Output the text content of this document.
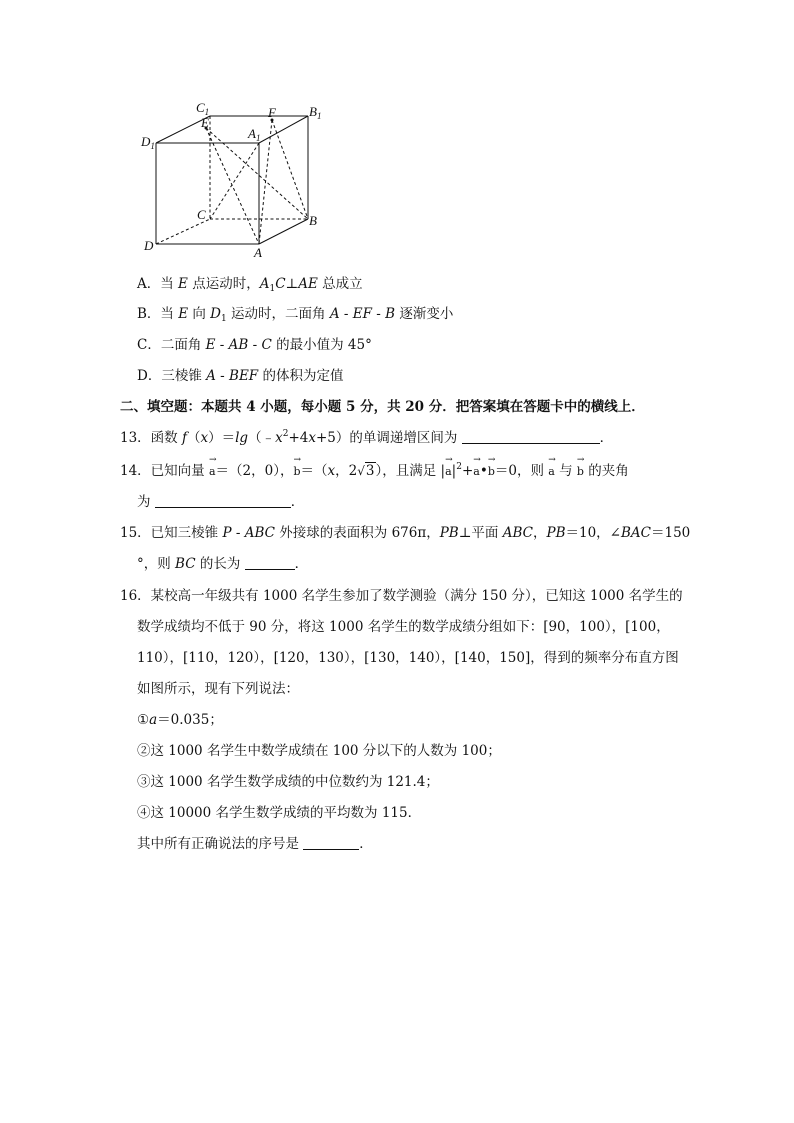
$C_1$
E
F	$B_1$
$D_1$
$A_1$
C	B
D	A
A．当 E 点运动时，$A_1C\perp AE$ 总成立
B．当 E 向 $D_1$ 运动时，二面角 A - EF - B 逐渐变小
C．二面角 E - AB - C 的最小值为 45°
D．三棱锥 A - BEF 的体积为定值
二、填空题：本题共 4 小题，每小题 5 分，共 20 分．把答案填在答题卡中的横线上．
13．函数 $f(x)=\lg(﹣x^2+4x+5)$的单调递增区间为	．
14．已知向量 → a＝（2，0），→ b＝（x，2√3），且满足 |→ $a|^2+\to$ a•→ b＝0，则 → a 与 → b 的夹角
为	．
15．已知三棱锥 P - ABC 外接球的表面积为 676π，PB⊥平面 ABC，PB＝10，∠BAC＝150
°，则 BC 的长为	．
16．某校高一年级共有 1000 名学生参加了数学测验（满分 150 分），已知这 1000 名学生的
数学成绩均不低于 90 分，将这 1000 名学生的数学成绩分组如下：[90，100），[100，
110），[110，120），[120，130），[130，140），[140，150]，得到的频率分布直方图
如图所示，现有下列说法：
①a＝0.035；
②这 1000 名学生中数学成绩在 100 分以下的人数为 100；
③这 1000 名学生数学成绩的中位数约为 121.4；
④这 10000 名学生数学成绩的平均数为 115．
其中所有正确说法的序号是	．
